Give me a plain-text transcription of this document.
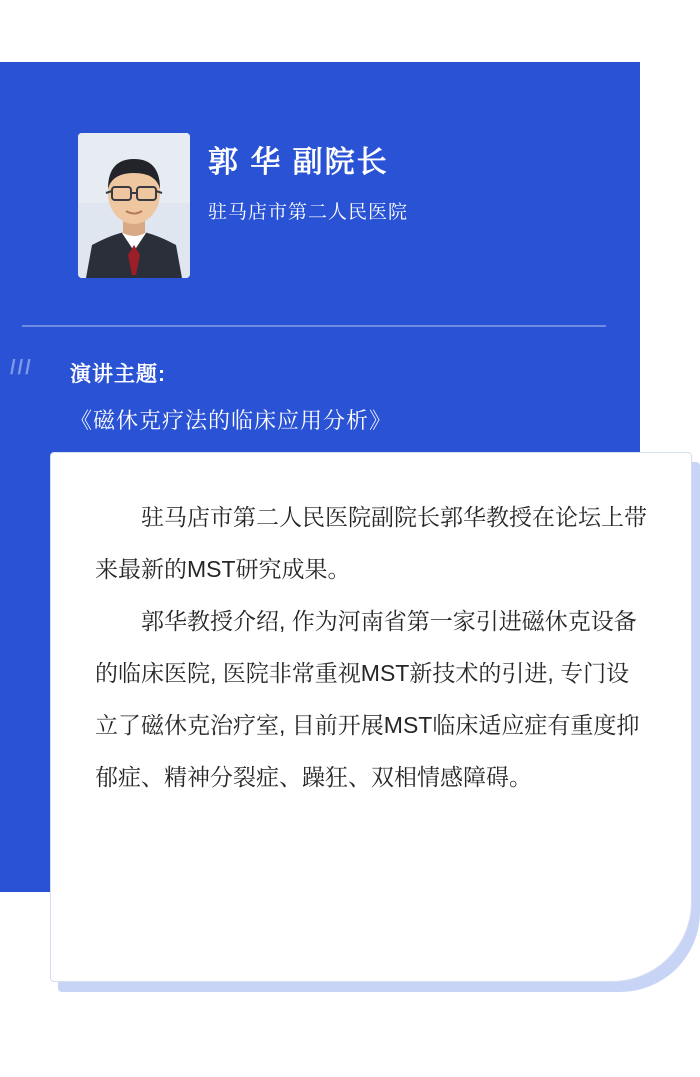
郭 华 副院长
驻马店市第二人民医院
///	演讲主题:
《磁休克疗法的临床应用分析》

驻马店市第二人民医院副院长郭华教授在论坛上带来最新的MST研究成果。

郭华教授介绍, 作为河南省第一家引进磁休克设备的临床医院, 医院非常重视MST新技术的引进, 专门设立了磁休克治疗室, 目前开展MST临床适应症有重度抑郁症、精神分裂症、躁狂、双相情感障碍。
